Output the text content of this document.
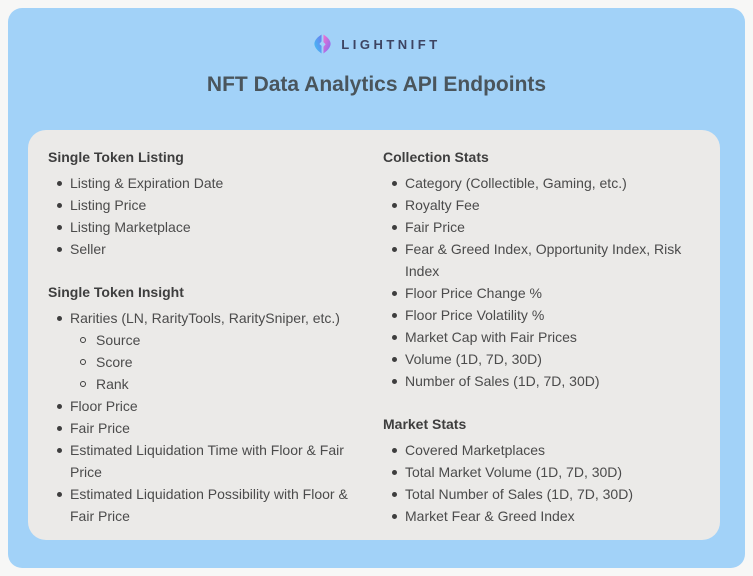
LIGHTNIFT
NFT Data Analytics API Endpoints
Single Token Listing
Listing & Expiration Date
Listing Price
Listing Marketplace
Seller
Single Token Insight
Rarities (LN, RarityTools, RaritySniper, etc.)
Source
Score
Rank
Floor Price
Fair Price
Estimated Liquidation Time with Floor & Fair Price
Estimated Liquidation Possibility with Floor & Fair Price
Collection Stats
Category (Collectible, Gaming, etc.)
Royalty Fee
Fair Price
Fear & Greed Index, Opportunity Index, Risk Index
Floor Price Change %
Floor Price Volatility %
Market Cap with Fair Prices
Volume (1D, 7D, 30D)
Number of Sales (1D, 7D, 30D)
Market Stats
Covered Marketplaces
Total Market Volume (1D, 7D, 30D)
Total Number of Sales (1D, 7D, 30D)
Market Fear & Greed Index
